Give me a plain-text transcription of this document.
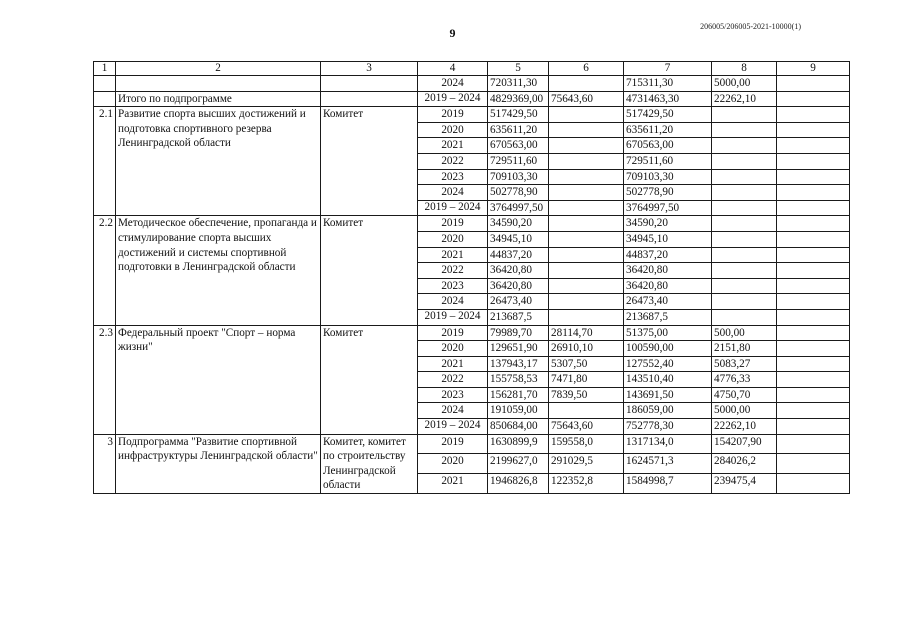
206005/206005-2021-10000(1)
9
1	2	3	4	5	6	7	8	9
			2024	720311,30		715311,30	5000,00	
	Итого по подпрограмме		2019 – 2024	4829369,00	75643,60	4731463,30	22262,10	
2.1	Развитие спорта высших достижений и подготовка спортивного резерва Ленинградской области	Комитет	2019	517429,50		517429,50		
			2020	635611,20		635611,20		
			2021	670563,00		670563,00		
			2022	729511,60		729511,60		
			2023	709103,30		709103,30		
			2024	502778,90		502778,90		
			2019 – 2024	3764997,50		3764997,50		
2.2	Методическое обеспечение, пропаганда и стимулирование спорта высших достижений и системы спортивной подготовки в Ленинградской области	Комитет	2019	34590,20		34590,20		
			2020	34945,10		34945,10		
			2021	44837,20		44837,20		
			2022	36420,80		36420,80		
			2023	36420,80		36420,80		
			2024	26473,40		26473,40		
			2019 – 2024	213687,5		213687,5		
2.3	Федеральный проект "Спорт – норма жизни"	Комитет	2019	79989,70	28114,70	51375,00	500,00	
			2020	129651,90	26910,10	100590,00	2151,80	
			2021	137943,17	5307,50	127552,40	5083,27	
			2022	155758,53	7471,80	143510,40	4776,33	
			2023	156281,70	7839,50	143691,50	4750,70	
			2024	191059,00		186059,00	5000,00	
			2019 – 2024	850684,00	75643,60	752778,30	22262,10	
3	Подпрограмма "Развитие спортивной инфраструктуры Ленинградской области"	Комитет, комитет по строительству Ленинградской области	2019	1630899,9	159558,0	1317134,0	154207,90	
			2020	2199627,0	291029,5	1624571,3	284026,2	
			2021	1946826,8	122352,8	1584998,7	239475,4	
